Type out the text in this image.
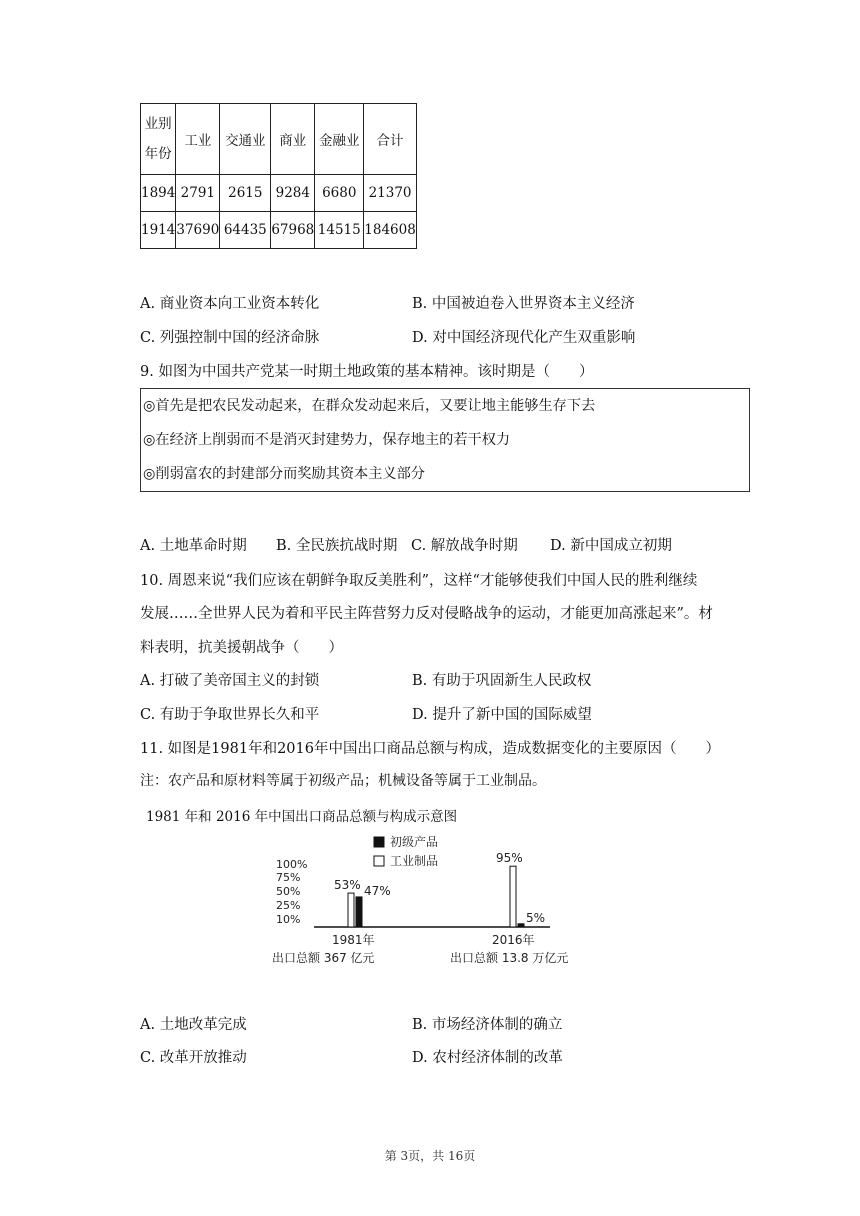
业别
年份	工业	交通业	商业	金融业	合计
1894	2791	2615	9284	6680	21370
1914	37690	64435	67968	14515	184608
A. 商业资本向工业资本转化	B. 中国被迫卷入世界资本主义经济
C. 列强控制中国的经济命脉	D. 对中国经济现代化产生双重影响
9. 如图为中国共产党某一时期土地政策的基本精神。该时期是（　　）
◎首先是把农民发动起来，在群众发动起来后，又要让地主能够生存下去
◎在经济上削弱而不是消灭封建势力，保存地主的若干权力
◎削弱富农的封建部分而奖励其资本主义部分
A. 土地革命时期 B. 全民族抗战时期 C. 解放战争时期 D. 新中国成立初期
10. 周恩来说“我们应该在朝鲜争取反美胜利”，这样“才能够使我们中国人民的胜利继续
发展……全世界人民为着和平民主阵营努力反对侵略战争的运动，才能更加高涨起来”。材
料表明，抗美援朝战争（　　）
A. 打破了美帝国主义的封锁	B. 有助于巩固新生人民政权
C. 有助于争取世界长久和平	D. 提升了新中国的国际威望
11. 如图是1981年和2016年中国出口商品总额与构成，造成数据变化的主要原因（　　）
注：农产品和原材料等属于初级产品；机械设备等属于工业制品。
1981 年和 2016 年中国出口商品总额与构成示意图
初级产品
工业制品
100%
75%
50%
25%
10%
53%
95%
47%
5%
1981年	2016年
出口总额 367 亿元	出口总额 13.8 万亿元
A. 土地改革完成	B. 市场经济体制的确立
C. 改革开放推动	D. 农村经济体制的改革
第 3页，共 16页
